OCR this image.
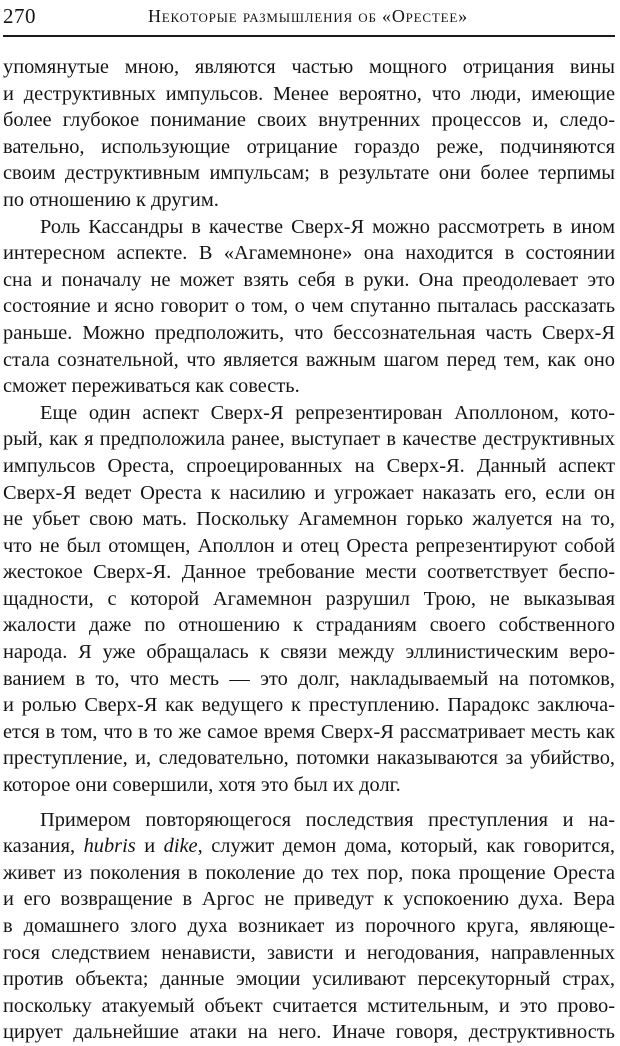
270	Некоторые размышления об «Орестее»
упомянутые мною, являются частью мощного отрицания вины
и деструктивных импульсов. Менее вероятно, что люди, имеющие
более глубокое понимание своих внутренних процессов и, следо-
вательно, использующие отрицание гораздо реже, подчиняются
своим деструктивным импульсам; в результате они более терпимы
по отношению к другим.
Роль Кассандры в качестве Сверх-Я можно рассмотреть в ином
интересном аспекте. В «Агамемноне» она находится в состоянии
сна и поначалу не может взять себя в руки. Она преодолевает это
состояние и ясно говорит о том, о чем спутанно пыталась рассказать
раньше. Можно предположить, что бессознательная часть Сверх-Я
стала сознательной, что является важным шагом перед тем, как оно
сможет переживаться как совесть.
Еще один аспект Сверх-Я репрезентирован Аполлоном, кото-
рый, как я предположила ранее, выступает в качестве деструктивных
импульсов Ореста, спроецированных на Сверх-Я. Данный аспект
Сверх-Я ведет Ореста к насилию и угрожает наказать его, если он
не убьет свою мать. Поскольку Агамемнон горько жалуется на то,
что не был отомщен, Аполлон и отец Ореста репрезентируют собой
жестокое Сверх-Я. Данное требование мести соответствует беспо-
щадности, с которой Агамемнон разрушил Трою, не выказывая
жалости даже по отношению к страданиям своего собственного
народа. Я уже обращалась к связи между эллинистическим веро-
ванием в то, что месть — это долг, накладываемый на потомков,
и ролью Сверх-Я как ведущего к преступлению. Парадокс заключа-
ется в том, что в то же самое время Сверх-Я рассматривает месть как
преступление, и, следовательно, потомки наказываются за убийство,
которое они совершили, хотя это был их долг.
Примером повторяющегося последствия преступления и на-
казания, hubris и dike, служит демон дома, который, как говорится,
живет из поколения в поколение до тех пор, пока прощение Ореста
и его возвращение в Аргос не приведут к успокоению духа. Вера
в домашнего злого духа возникает из порочного круга, являюще-
гося следствием ненависти, зависти и негодования, направленных
против объекта; данные эмоции усиливают персекуторный страх,
поскольку атакуемый объект считается мстительным, и это прово-
цирует дальнейшие атаки на него. Иначе говоря, деструктивность
